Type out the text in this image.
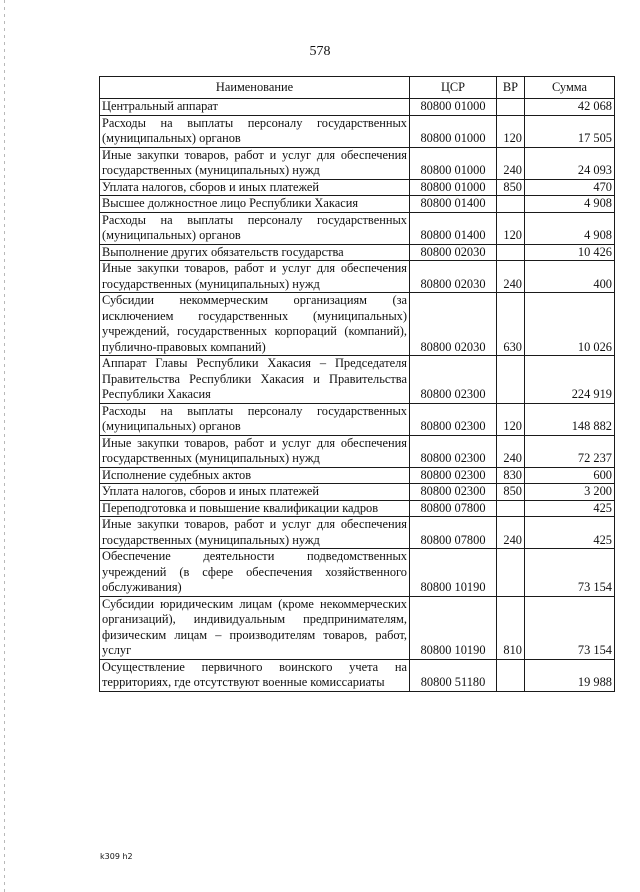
578
Наименование	ЦСР	ВР	Сумма
Центральный аппарат	80800 01000		42 068
Расходы на выплаты персоналу государственных (муниципальных) органов	80800 01000	120	17 505
Иные закупки товаров, работ и услуг для обеспечения государственных (муниципальных) нужд	80800 01000	240	24 093
Уплата налогов, сборов и иных платежей	80800 01000	850	470
Высшее должностное лицо Республики Хакасия	80800 01400		4 908
Расходы на выплаты персоналу государственных (муниципальных) органов	80800 01400	120	4 908
Выполнение других обязательств государства	80800 02030		10 426
Иные закупки товаров, работ и услуг для обеспечения государственных (муниципальных) нужд	80800 02030	240	400
Субсидии некоммерческим организациям (за исключением государственных (муниципальных) учреждений, государственных корпораций (компаний), публично-правовых компаний)	80800 02030	630	10 026
Аппарат Главы Республики Хакасия – Председателя Правительства Республики Хакасия и Правительства Республики Хакасия	80800 02300		224 919
Расходы на выплаты персоналу государственных (муниципальных) органов	80800 02300	120	148 882
Иные закупки товаров, работ и услуг для обеспечения государственных (муниципальных) нужд	80800 02300	240	72 237
Исполнение судебных актов	80800 02300	830	600
Уплата налогов, сборов и иных платежей	80800 02300	850	3 200
Переподготовка и повышение квалификации кадров	80800 07800		425
Иные закупки товаров, работ и услуг для обеспечения государственных (муниципальных) нужд	80800 07800	240	425
Обеспечение деятельности подведомственных учреждений (в сфере обеспечения хозяйственного обслуживания)	80800 10190		73 154
Субсидии юридическим лицам (кроме некоммерческих организаций), индивидуальным предпринимателям, физическим лицам – производителям товаров, работ, услуг	80800 10190	810	73 154
Осуществление первичного воинского учета на территориях, где отсутствуют военные комиссариаты	80800 51180		19 988
k309 h2
